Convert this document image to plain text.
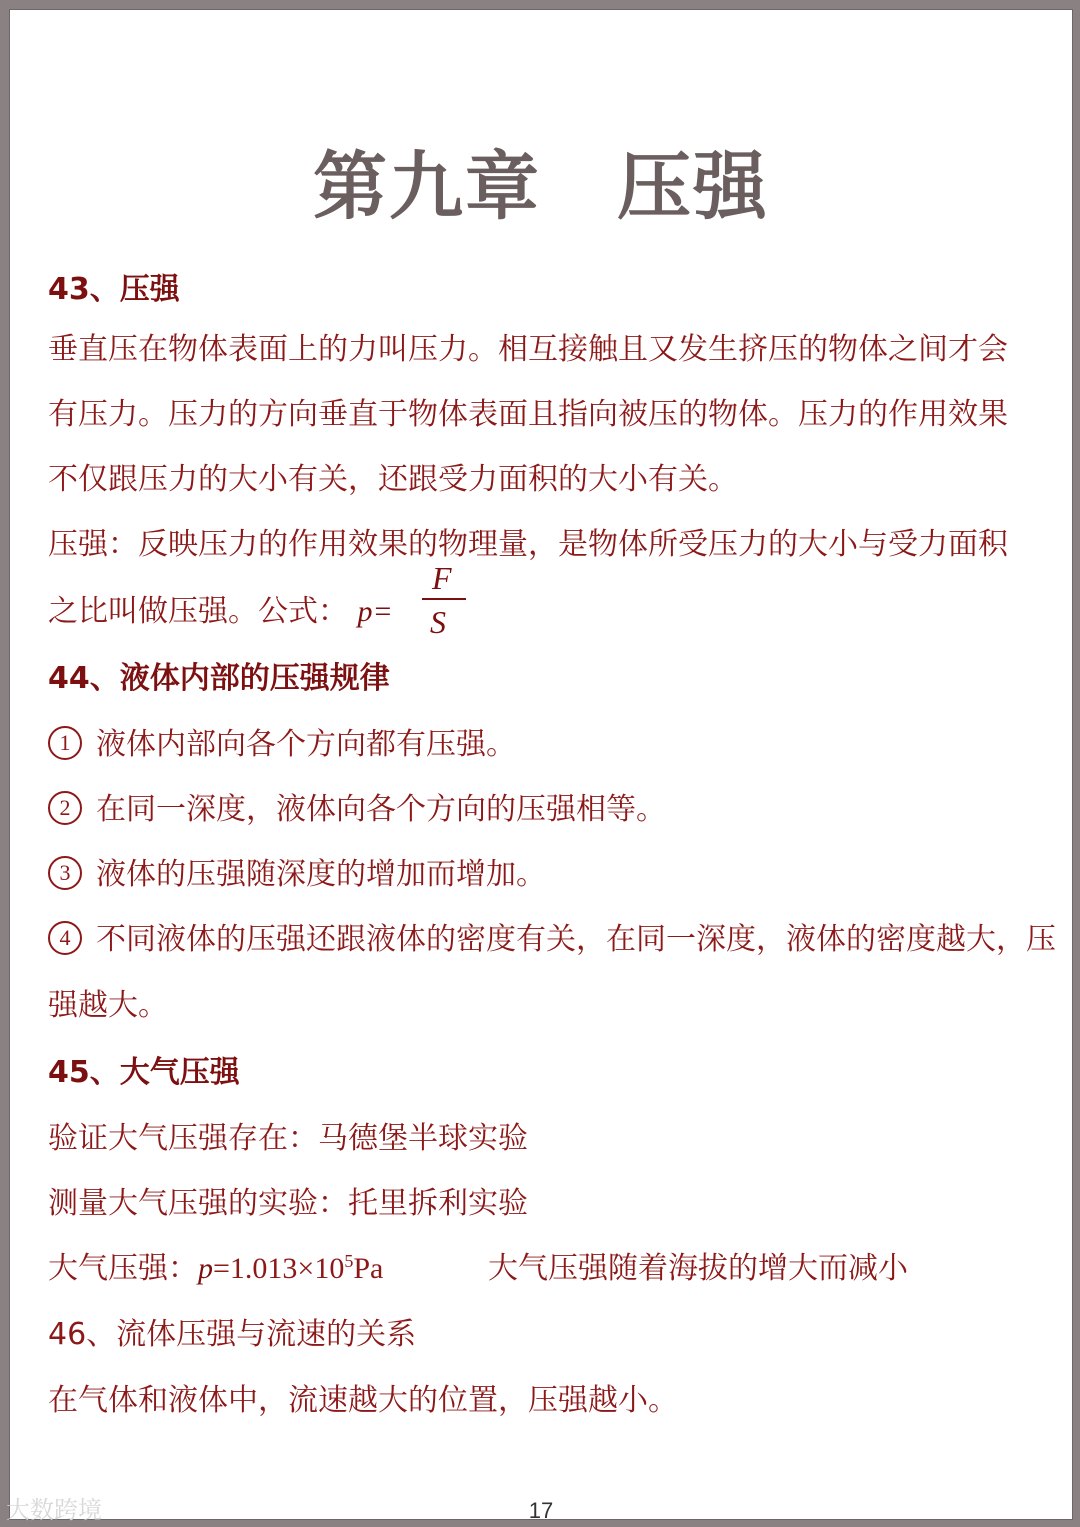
第九章　压强
43、压强
垂直压在物体表面上的力叫压力。相互接触且又发生挤压的物体之间才会
有压力。压力的方向垂直于物体表面且指向被压的物体。压力的作用效果
不仅跟压力的大小有关，还跟受力面积的大小有关。
压强：反映压力的作用效果的物理量，是物体所受压力的大小与受力面积
之比叫做压强。公式： p=
F
S
44、液体内部的压强规律
1 液体内部向各个方向都有压强。
2 在同一深度，液体向各个方向的压强相等。
3 液体的压强随深度的增加而增加。
4 不同液体的压强还跟液体的密度有关，在同一深度，液体的密度越大，压
强越大。
45、大气压强
验证大气压强存在：马德堡半球实验
测量大气压强的实验：托里拆利实验
大气压强：$p=1.013\times 10^5Pa$	大气压强随着海拔的增大而减小
46、流体压强与流速的关系
在气体和液体中，流速越大的位置，压强越小。
17
大数跨境
